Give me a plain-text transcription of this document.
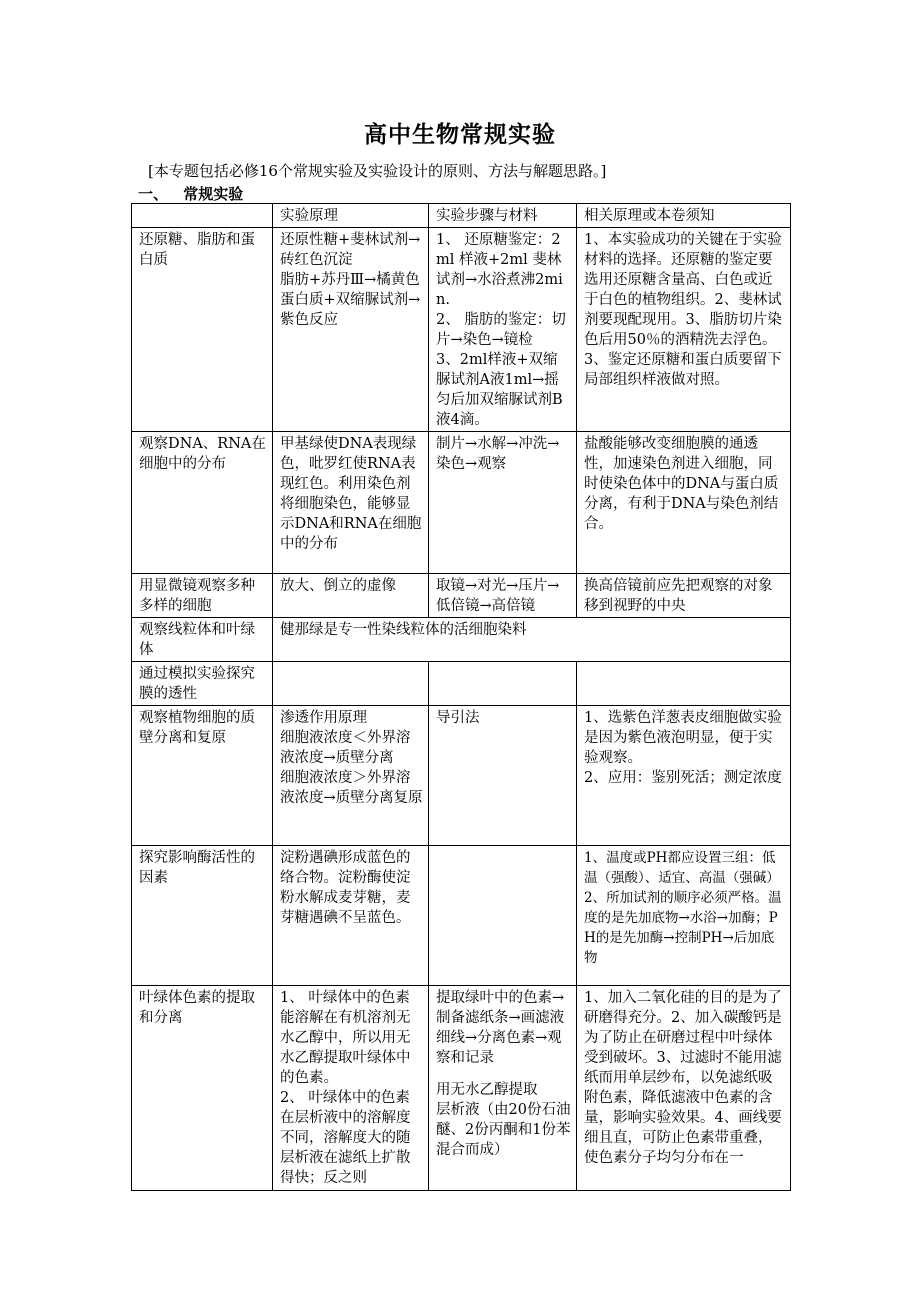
高中生物常规实验
[本专题包括必修16个常规实验及实验设计的原则、方法与解题思路。]
一、 常规实验
	实验原理	实验步骤与材料	相关原理或本卷须知
还原糖、脂肪和蛋白质	还原性糖+斐林试剂→砖红色沉淀
脂肪+苏丹Ⅲ→橘黄色
蛋白质+双缩脲试剂→紫色反应	1、 还原糖鉴定：2ml 样液+2ml 斐林试剂→水浴煮沸2min.
2、 脂肪的鉴定：切片→染色→镜检
3、2ml样液+双缩脲试剂A液1ml→摇匀后加双缩脲试剂B液4滴。	1、本实验成功的关键在于实验材料的选择。还原糖的鉴定要选用还原糖含量高、白色或近于白色的植物组织。2、斐林试剂要现配现用。3、脂肪切片染色后用50％的酒精洗去浮色。
3、鉴定还原糖和蛋白质要留下局部组织样液做对照。

观察DNA、RNA在细胞中的分布	甲基绿使DNA表现绿色，吡罗红使RNA表现红色。利用染色剂将细胞染色，能够显示DNA和RNA在细胞中的分布	制片→水解→冲洗→染色→观察	盐酸能够改变细胞膜的通透性，加速染色剂进入细胞，同时使染色体中的DNA与蛋白质分离，有利于DNA与染色剂结合。

用显微镜观察多种多样的细胞	放大、倒立的虚像	取镜→对光→压片→低倍镜→高倍镜	换高倍镜前应先把观察的对象移到视野的中央

观察线粒体和叶绿体	健那绿是专一性染线粒体的活细胞染料		
通过模拟实验探究膜的透性			
观察植物细胞的质壁分离和复原	渗透作用原理
细胞液浓度＜外界溶液浓度→质壁分离
细胞液浓度＞外界溶液浓度→质壁分离复原	导引法	1、选紫色洋葱表皮细胞做实验是因为紫色液泡明显，便于实验观察。
2、应用：鉴别死活；测定浓度

探究影响酶活性的因素	淀粉遇碘形成蓝色的络合物。淀粉酶使淀粉水解成麦芽糖，麦芽糖遇碘不呈蓝色。		1、温度或PH都应设置三组：低温（强酸）、适宜、高温（强碱）
2、所加试剂的顺序必须严格。温度的是先加底物→水浴→加酶；PH的是先加酶→控制PH→后加底物

叶绿体色素的提取和分离	1、 叶绿体中的色素能溶解在有机溶剂无水乙醇中，所以用无水乙醇提取叶绿体中的色素。
2、 叶绿体中的色素在层析液中的溶解度不同，溶解度大的随层析液在滤纸上扩散得快；反之则	提取绿叶中的色素→制备滤纸条→画滤液细线→分离色素→观察和记录
用无水乙醇提取
层析液（由20份石油醚、2份丙酮和1份苯混合而成）	1、加入二氧化硅的目的是为了研磨得充分。2、加入碳酸钙是为了防止在研磨过程中叶绿体受到破坏。3、过滤时不能用滤纸而用单层纱布，以免滤纸吸附色素，降低滤液中色素的含量，影响实验效果。4、画线要细且直，可防止色素带重叠，使色素分子均匀分布在一
